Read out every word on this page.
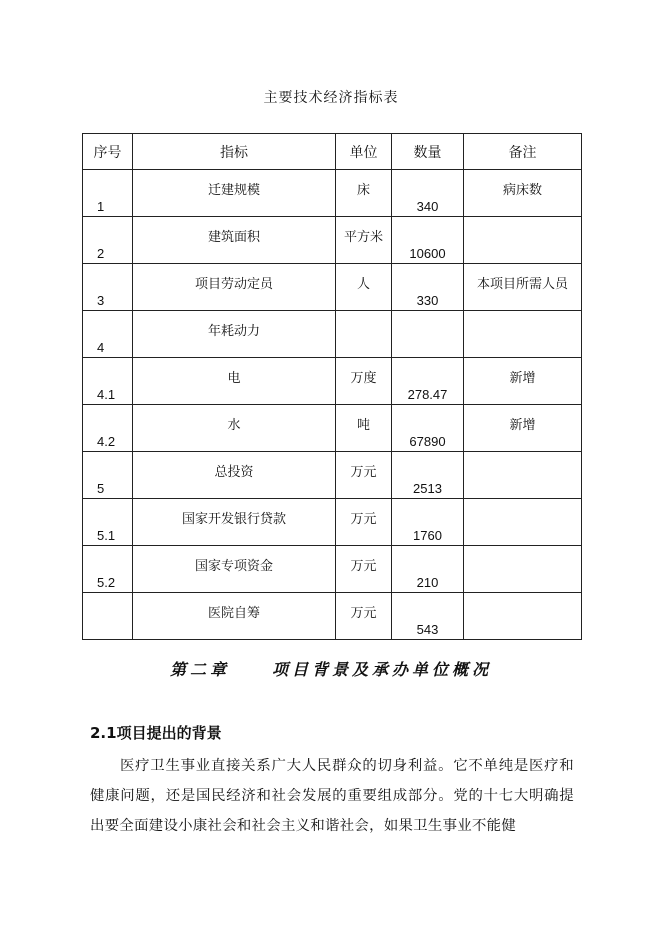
主要技术经济指标表
序号	指标	单位	数量	备注
1	迁建规模	床	340	病床数
2	建筑面积	平方米	10600	
3	项目劳动定员	人	330	本项目所需人员
4	年耗动力			
4.1	电	万度	278.47	新增
4.2	水	吨	67890	新增
5	总投资	万元	2513	
5.1	国家开发银行贷款	万元	1760	
5.2	国家专项资金	万元	210	
	医院自筹	万元	543	
第二章	项目背景及承办单位概况
2.1项目提出的背景
医疗卫生事业直接关系广大人民群众的切身利益。它不单纯是医疗和健康问题，还是国民经济和社会发展的重要组成部分。党的十七大明确提出要全面建设小康社会和社会主义和谐社会，如果卫生事业不能健
